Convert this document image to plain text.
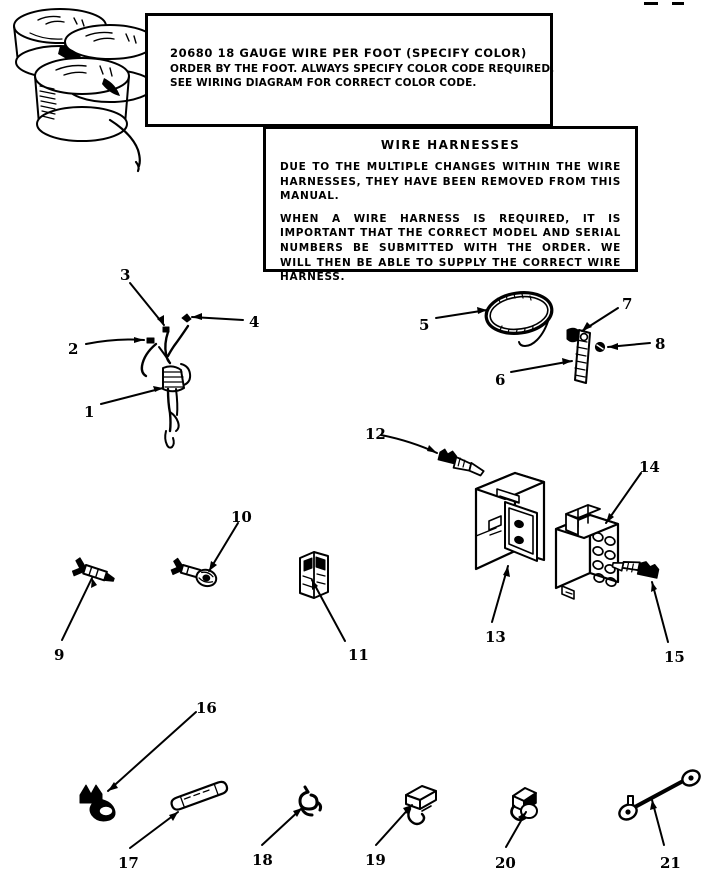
20680 18 GAUGE WIRE PER FOOT (SPECIFY COLOR)
ORDER BY THE FOOT. ALWAYS SPECIFY COLOR CODE REQUIRED.
SEE WIRING DIAGRAM FOR CORRECT COLOR CODE.
WIRE HARNESSES
DUE TO THE MULTIPLE CHANGES WITHIN THE WIRE HARNESSES, THEY HAVE BEEN REMOVED FROM THIS MANUAL.
WHEN A WIRE HARNESS IS REQUIRED, IT IS IMPORTANT THAT THE CORRECT MODEL AND SERIAL NUMBERS BE SUBMITTED WITH THE ORDER. WE WILL THEN BE ABLE TO SUPPLY THE CORRECT WIRE HARNESS.
1
2
3
4	5
6
7
8
9
10
11
12
13
14
15
16
17	18	19	20	21
